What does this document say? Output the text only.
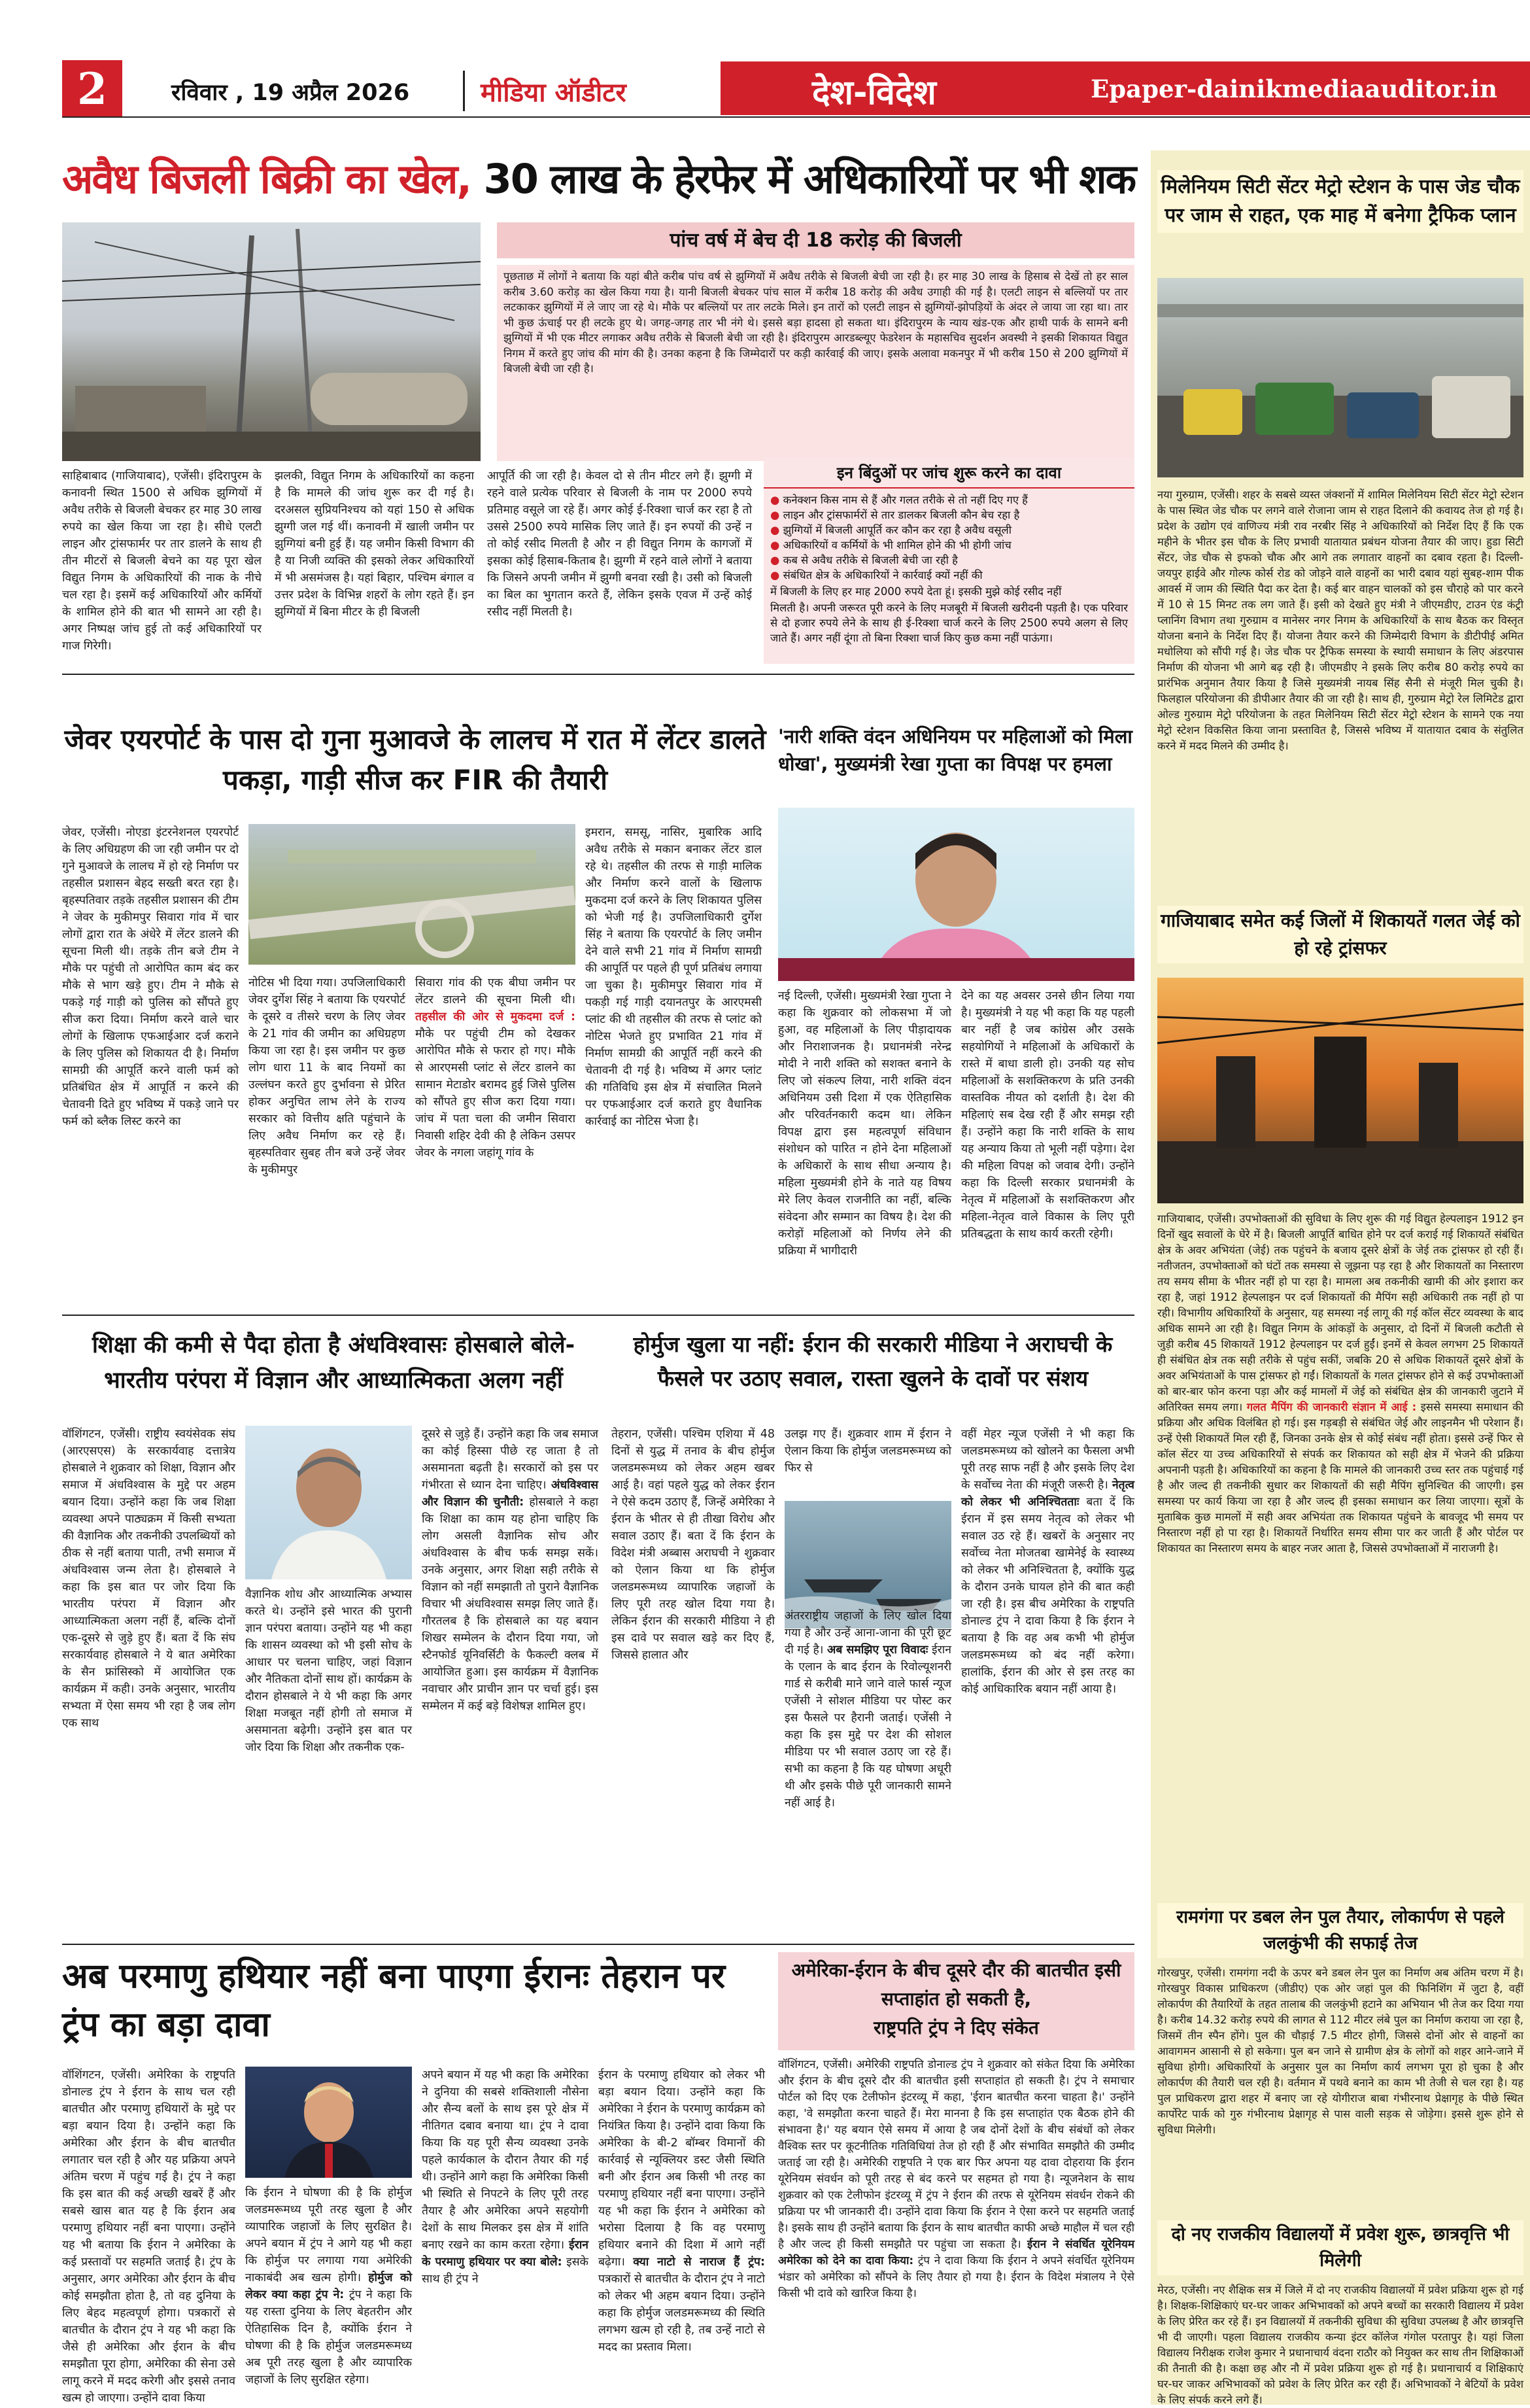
2	रविवार , 19 अप्रैल 2026	मीडिया ऑडीटर	देश-विदेश	Epaper-dainikmediaauditor.in
अवैध बिजली बिक्री का खेल, 30 लाख के हेरफेर में अधिकारियों पर भी शक
पांच वर्ष में बेच दी 18 करोड़ की बिजली
पूछताछ में लोगों ने बताया कि यहां बीते करीब पांच वर्ष से झुग्गियों में अवैध तरीके से बिजली बेची जा रही है। हर माह 30 लाख के हिसाब से देखें तो हर साल करीब 3.60 करोड़ का खेल किया गया है। यानी बिजली बेचकर पांच साल में करीब 18 करोड़ की अवैध उगाही की गई है। एलटी लाइन से बल्लियों पर तार लटकाकर झुग्गियों में ले जाए जा रहे थे। मौके पर बल्लियों पर तार लटके मिले। इन तारों को एलटी लाइन से झुग्गियों-झोपड़ियों के अंदर ले जाया जा रहा था। तार भी कुछ ऊंचाई पर ही लटके हुए थे। जगह-जगह तार भी नंगे थे। इससे बड़ा हादसा हो सकता था। इंदिरापुरम के न्याय खंड-एक और हाथी पार्क के सामने बनी झुग्गियों में भी एक मीटर लगाकर अवैध तरीके से बिजली बेची जा रही है। इंदिरापुरम आरडब्ल्यूए फेडरेशन के महासचिव सुदर्शन अवस्थी ने इसकी शिकायत विद्युत निगम में करते हुए जांच की मांग की है। उनका कहना है कि जिम्मेदारों पर कड़ी कार्रवाई की जाए। इसके अलावा मकनपुर में भी करीब 150 से 200 झुग्गियों में बिजली बेची जा रही है।
साहिबाबाद (गाजियाबाद), एजेंसी। इंदिरापुरम के कनावनी स्थित 1500 से अधिक झुग्गियों में अवैध तरीके से बिजली बेचकर हर माह 30 लाख रुपये का खेल किया जा रहा है। सीधे एलटी लाइन और ट्रांसफार्मर पर तार डालने के साथ ही तीन मीटरों से बिजली बेचने का यह पूरा खेल विद्युत निगम के अधिकारियों की नाक के नीचे चल रहा है। इसमें कई अधिकारियों और कर्मियों के शामिल होने की बात भी सामने आ रही है। अगर निष्पक्ष जांच हुई तो कई अधिकारियों पर गाज गिरेगी।
झलकी, विद्युत निगम के अधिकारियों का कहना है कि मामले की जांच शुरू कर दी गई है। दरअसल सुप्रियनिश्चय को यहां 150 से अधिक झुग्गी जल गई थीं। कनावनी में खाली जमीन पर झुग्गियां बनी हुई हैं। यह जमीन किसी विभाग की है या निजी व्यक्ति की इसको लेकर अधिकारियों में भी असमंजस है। यहां बिहार, पश्चिम बंगाल व उत्तर प्रदेश के विभिन्न शहरों के लोग रहते हैं। इन झुग्गियों में बिना मीटर के ही बिजली
आपूर्ति की जा रही है। केवल दो से तीन मीटर लगे हैं। झुग्गी में रहने वाले प्रत्येक परिवार से बिजली के नाम पर 2000 रुपये प्रतिमाह वसूले जा रहे हैं। अगर कोई ई-रिक्शा चार्ज कर रहा है तो उससे 2500 रुपये मासिक लिए जाते हैं। इन रुपयों की उन्हें न तो कोई रसीद मिलती है और न ही विद्युत निगम के कागजों में इसका कोई हिसाब-किताब है। झुग्गी में रहने वाले लोगों ने बताया कि जिसने अपनी जमीन में झुग्गी बनवा रखी है। उसी को बिजली का बिल का भुगतान करते हैं, लेकिन इसके एवज में उन्हें कोई रसीद नहीं मिलती है।
इन बिंदुओं पर जांच शुरू करने का दावा
● कनेक्शन किस नाम से हैं और गलत तरीके से तो नहीं दिए गए हैं
● लाइन और ट्रांसफार्मरों से तार डालकर बिजली कौन बेच रहा है
● झुग्गियों में बिजली आपूर्ति कर कौन कर रहा है अवैध वसूली
● अधिकारियों व कर्मियों के भी शामिल होने की भी होगी जांच
● कब से अवैध तरीके से बिजली बेची जा रही है
● संबंधित क्षेत्र के अधिकारियों ने कार्रवाई क्यों नहीं की
में बिजली के लिए हर माह 2000 रुपये देता हूं। इसकी मुझे कोई रसीद नहीं
मिलती है। अपनी जरूरत पूरी करने के लिए मजबूरी में बिजली खरीदनी पड़ती है। एक परिवार से दो हजार रुपये लेने के साथ ही ई-रिक्शा चार्ज करने के लिए 2500 रुपये अलग से लिए जाते हैं। अगर नहीं दूंगा तो बिना रिक्शा चार्ज किए कुछ कमा नहीं पाऊंगा।
मिलेनियम सिटी सेंटर मेट्रो स्टेशन के पास जेड चौक पर जाम से राहत, एक माह में बनेगा ट्रैफिक प्लान
नया गुरुग्राम, एजेंसी। शहर के सबसे व्यस्त जंक्शनों में शामिल मिलेनियम सिटी सेंटर मेट्रो स्टेशन के पास स्थित जेड चौक पर लगने वाले रोजाना जाम से राहत दिलाने की कवायद तेज हो गई है। प्रदेश के उद्योग एवं वाणिज्य मंत्री राव नरबीर सिंह ने अधिकारियों को निर्देश दिए हैं कि एक महीने के भीतर इस चौक के लिए प्रभावी यातायात प्रबंधन योजना तैयार की जाए। हुडा सिटी सेंटर, जेड चौक से इफको चौक और आगे तक लगातार वाहनों का दबाव रहता है। दिल्ली-जयपुर हाईवे और गोल्फ कोर्स रोड को जोड़ने वाले वाहनों का भारी दबाव यहां सुबह-शाम पीक आवर्स में जाम की स्थिति पैदा कर देता है। कई बार वाहन चालकों को इस चौराहे को पार करने में 10 से 15 मिनट तक लग जाते हैं। इसी को देखते हुए मंत्री ने जीएमडीए, टाउन एंड कंट्री प्लानिंग विभाग तथा गुरुग्राम व मानेसर नगर निगम के अधिकारियों के साथ बैठक कर विस्तृत योजना बनाने के निर्देश दिए हैं। योजना तैयार करने की जिम्मेदारी विभाग के डीटीपीई अमित मधोलिया को सौंपी गई है। जेड चौक पर ट्रैफिक समस्या के स्थायी समाधान के लिए अंडरपास निर्माण की योजना भी आगे बढ़ रही है। जीएमडीए ने इसके लिए करीब 80 करोड़ रुपये का प्रारंभिक अनुमान तैयार किया है जिसे मुख्यमंत्री नायब सिंह सैनी से मंजूरी मिल चुकी है। फिलहाल परियोजना की डीपीआर तैयार की जा रही है। साथ ही, गुरुग्राम मेट्रो रेल लिमिटेड द्वारा ओल्ड गुरुग्राम मेट्रो परियोजना के तहत मिलेनियम सिटी सेंटर मेट्रो स्टेशन के सामने एक नया मेट्रो स्टेशन विकसित किया जाना प्रस्तावित है, जिससे भविष्य में यातायात दबाव के संतुलित करने में मदद मिलने की उम्मीद है।
गाजियाबाद समेत कई जिलों में शिकायतें गलत जेई को हो रहे ट्रांसफर
गाजियाबाद, एजेंसी। उपभोक्ताओं की सुविधा के लिए शुरू की गई विद्युत हेल्पलाइन 1912 इन दिनों खुद सवालों के घेरे में है। बिजली आपूर्ति बाधित होने पर दर्ज कराई गई शिकायतें संबंधित क्षेत्र के अवर अभियंता (जेई) तक पहुंचने के बजाय दूसरे क्षेत्रों के जेई तक ट्रांसफर हो रही हैं। नतीजतन, उपभोक्ताओं को घंटों तक समस्या से जूझना पड़ रहा है और शिकायतों का निस्तारण तय समय सीमा के भीतर नहीं हो पा रहा है। मामला अब तकनीकी खामी की ओर इशारा कर रहा है, जहां 1912 हेल्पलाइन पर दर्ज शिकायतों की मैपिंग सही अधिकारी तक नहीं हो पा रही। विभागीय अधिकारियों के अनुसार, यह समस्या नई लागू की गई कॉल सेंटर व्यवस्था के बाद अधिक सामने आ रही है। विद्युत निगम के आंकड़ों के अनुसार, दो दिनों में बिजली कटौती से जुड़ी करीब 45 शिकायतें 1912 हेल्पलाइन पर दर्ज हुईं। इनमें से केवल लगभग 25 शिकायतें ही संबंधित क्षेत्र तक सही तरीके से पहुंच सकीं, जबकि 20 से अधिक शिकायतें दूसरे क्षेत्रों के अवर अभियंताओं के पास ट्रांसफर हो गईं। शिकायतों के गलत ट्रांसफर होने से कई उपभोक्ताओं को बार-बार फोन करना पड़ा और कई मामलों में जेई को संबंधित क्षेत्र की जानकारी जुटाने में अतिरिक्त समय लगा। गलत मैपिंग की जानकारी संज्ञान में आई : इससे समस्या समाधान की प्रक्रिया और अधिक विलंबित हो गई। इस गड़बड़ी से संबंधित जेई और लाइनमैन भी परेशान हैं। उन्हें ऐसी शिकायतें मिल रही हैं, जिनका उनके क्षेत्र से कोई संबंध नहीं होता। इससे उन्हें फिर से कॉल सेंटर या उच्च अधिकारियों से संपर्क कर शिकायत को सही क्षेत्र में भेजने की प्रक्रिया अपनानी पड़ती है। अधिकारियों का कहना है कि मामले की जानकारी उच्च स्तर तक पहुंचाई गई है और जल्द ही तकनीकी सुधार कर शिकायतों की सही मैपिंग सुनिश्चित की जाएगी। इस समस्या पर कार्य किया जा रहा है और जल्द ही इसका समाधान कर लिया जाएगा। सूत्रों के मुताबिक कुछ मामलों में सही अवर अभियंता तक शिकायत पहुंचने के बावजूद भी समय पर निस्तारण नहीं हो पा रहा है। शिकायतें निर्धारित समय सीमा पार कर जाती हैं और पोर्टल पर शिकायत का निस्तारण समय के बाहर नजर आता है, जिससे उपभोक्ताओं में नाराजगी है।
रामगंगा पर डबल लेन पुल तैयार, लोकार्पण से पहले जलकुंभी की सफाई तेज
गोरखपुर, एजेंसी। रामगंगा नदी के ऊपर बने डबल लेन पुल का निर्माण अब अंतिम चरण में है। गोरखपुर विकास प्राधिकरण (जीडीए) एक ओर जहां पुल की फिनिशिंग में जुटा है, वहीं लोकार्पण की तैयारियों के तहत तालाब की जलकुंभी हटाने का अभियान भी तेज कर दिया गया है। करीब 14.32 करोड़ रुपये की लागत से 112 मीटर लंबे पुल का निर्माण कराया जा रहा है, जिसमें तीन स्पैन होंगे। पुल की चौड़ाई 7.5 मीटर होगी, जिससे दोनों ओर से वाहनों का आवागमन आसानी से हो सकेगा। पुल बन जाने से ग्रामीण क्षेत्र के लोगों को शहर आने-जाने में सुविधा होगी। अधिकारियों के अनुसार पुल का निर्माण कार्य लगभग पूरा हो चुका है और लोकार्पण की तैयारी चल रही है। वर्तमान में पथवे बनाने का काम भी तेजी से चल रहा है। यह पुल प्राधिकरण द्वारा शहर में बनाए जा रहे योगीराज बाबा गंभीरनाथ प्रेक्षागृह के पीछे स्थित कार्पोरेट पार्क को गुरु गंभीरनाथ प्रेक्षागृह से पास वाली सड़क से जोड़ेगा। इससे शुरू होने से सुविधा मिलेगी।
दो नए राजकीय विद्यालयों में प्रवेश शुरू, छात्रवृत्ति भी मिलेगी
मेरठ, एजेंसी। नए शैक्षिक सत्र में जिले में दो नए राजकीय विद्यालयों में प्रवेश प्रक्रिया शुरू हो गई है। शिक्षक-शिक्षिकाएं घर-घर जाकर अभिभावकों को अपने बच्चों का सरकारी विद्यालय में प्रवेश के लिए प्रेरित कर रहे हैं। इन विद्यालयों में तकनीकी सुविधा की सुविधा उपलब्ध है और छात्रवृत्ति भी दी जाएगी। पहला विद्यालय राजकीय कन्या इंटर कॉलेज गंगोल परतापुर है। यहां जिला विद्यालय निरीक्षक राजेश कुमार ने प्रधानाचार्य वंदना राठौर को नियुक्त कर साथ तीन शिक्षिकाओं की तैनाती की है। कक्षा छह और नौ में प्रवेश प्रक्रिया शुरू हो गई है। प्रधानाचार्य व शिक्षिकाएं घर-घर जाकर अभिभावकों को प्रवेश के लिए प्रेरित कर रही हैं। अभिभावकों ने बेटियों के प्रवेश के लिए संपर्क करने लगे हैं।
जेवर एयरपोर्ट के पास दो गुना मुआवजे के लालच में रात में लेंटर डालते पकड़ा, गाड़ी सीज कर FIR की तैयारी
जेवर, एजेंसी। नोएडा इंटरनेशनल एयरपोर्ट के लिए अधिग्रहण की जा रही जमीन पर दो गुने मुआवजे के लालच में हो रहे निर्माण पर तहसील प्रशासन बेहद सख्ती बरत रहा है। बृहस्पतिवार तड़के तहसील प्रशासन की टीम ने जेवर के मुकीमपुर सिवारा गांव में चार लोगों द्वारा रात के अंधेरे में लेंटर डालने की सूचना मिली थी। तड़के तीन बजे टीम ने मौके पर पहुंची तो आरोपित काम बंद कर मौके से भाग खड़े हुए। टीम ने मौके से पकड़े गई गाड़ी को पुलिस को सौंपते हुए सीज करा दिया। निर्माण करने वाले चार लोगों के खिलाफ एफआईआर दर्ज कराने के लिए पुलिस को शिकायत दी है। निर्माण सामग्री की आपूर्ति करने वाली फर्म को प्रतिबंधित क्षेत्र में आपूर्ति न करने की चेतावनी दिते हुए भविष्य में पकड़े जाने पर फर्म को ब्लैक लिस्ट करने का
नोटिस भी दिया गया। उपजिलाधिकारी जेवर दुर्गेश सिंह ने बताया कि एयरपोर्ट के दूसरे व तीसरे चरण के लिए जेवर के 21 गांव की जमीन का अधिग्रहण किया जा रहा है। इस जमीन पर कुछ लोग धारा 11 के बाद नियमों का उल्लंघन करते हुए दुर्भावना से प्रेरित होकर अनुचित लाभ लेने के राज्य सरकार को वित्तीय क्षति पहुंचाने के लिए अवैध निर्माण कर रहे हैं। बृहस्पतिवार सुबह तीन बजे उन्हें जेवर के मुकीमपुर
सिवारा गांव की एक बीघा जमीन पर लेंटर डालने की सूचना मिली थी। तहसील की ओर से मुकदमा दर्ज : मौके पर पहुंची टीम को देखकर आरोपित मौके से फरार हो गए। मौके से आरएमसी प्लांट से लेंटर डालने का सामान मेटाडोर बरामद हुई जिसे पुलिस को सौंपते हुए सीज करा दिया गया। जांच में पता चला की जमीन सिवारा निवासी शहिर देवी की है लेकिन उसपर जेवर के नगला जहांगू गांव के
इमरान, समसू, नासिर, मुबारिक आदि अवैध तरीके से मकान बनाकर लेंटर डाल रहे थे। तहसील की तरफ से गाड़ी मालिक और निर्माण करने वालों के खिलाफ मुकदमा दर्ज करने के लिए शिकायत पुलिस को भेजी गई है। उपजिलाधिकारी दुर्गेश सिंह ने बताया कि एयरपोर्ट के लिए जमीन देने वाले सभी 21 गांव में निर्माण सामग्री की आपूर्ति पर पहले ही पूर्ण प्रतिबंध लगाया जा चुका है। मुकीमपुर सिवारा गांव में पकड़ी गई गाड़ी दयानतपुर के आरएमसी प्लांट की थी तहसील की तरफ से प्लांट को नोटिस भेजते हुए प्रभावित 21 गांव में निर्माण सामग्री की आपूर्ति नहीं करने की चेतावनी दी गई है। भविष्य में अगर प्लांट की गतिविधि इस क्षेत्र में संचालित मिलने पर एफआईआर दर्ज कराते हुए वैधानिक कार्रवाई का नोटिस भेजा है।
'नारी शक्ति वंदन अधिनियम पर महिलाओं को मिला धोखा', मुख्यमंत्री रेखा गुप्ता का विपक्ष पर हमला
नई दिल्ली, एजेंसी। मुख्यमंत्री रेखा गुप्ता ने कहा कि शुक्रवार को लोकसभा में जो हुआ, वह महिलाओं के लिए पीड़ादायक और निराशाजनक है। प्रधानमंत्री नरेन्द्र मोदी ने नारी शक्ति को सशक्त बनाने के लिए जो संकल्प लिया, नारी शक्ति वंदन अधिनियम उसी दिशा में एक ऐतिहासिक और परिवर्तनकारी कदम था। लेकिन विपक्ष द्वारा इस महत्वपूर्ण संविधान संशोधन को पारित न होने देना महिलाओं के अधिकारों के साथ सीधा अन्याय है। महिला मुख्यमंत्री होने के नाते यह विषय मेरे लिए केवल राजनीति का नहीं, बल्कि संवेदना और सम्मान का विषय है। देश की करोड़ों महिलाओं को निर्णय लेने की प्रक्रिया में भागीदारी
देने का यह अवसर उनसे छीन लिया गया है। मुख्यमंत्री ने यह भी कहा कि यह पहली बार नहीं है जब कांग्रेस और उसके सहयोगियों ने महिलाओं के अधिकारों के रास्ते में बाधा डाली हो। उनकी यह सोच महिलाओं के सशक्तिकरण के प्रति उनकी वास्तविक नीयत को दर्शाती है। देश की महिलाएं सब देख रही हैं और समझ रही हैं। उन्होंने कहा कि नारी शक्ति के साथ यह अन्याय किया तो भूली नहीं पड़ेगा। देश की महिला विपक्ष को जवाब देगी। उन्होंने कहा कि दिल्ली सरकार प्रधानमंत्री के नेतृत्व में महिलाओं के सशक्तिकरण और महिला-नेतृत्व वाले विकास के लिए पूरी प्रतिबद्धता के साथ कार्य करती रहेगी।
शिक्षा की कमी से पैदा होता है अंधविश्वासः होसबाले बोले-भारतीय परंपरा में विज्ञान और आध्यात्मिकता अलग नहीं
वॉशिंगटन, एजेंसी। राष्ट्रीय स्वयंसेवक संघ (आरएसएस) के सरकार्यवाह दत्तात्रेय होसबाले ने शुक्रवार को शिक्षा, विज्ञान और समाज में अंधविश्वास के मुद्दे पर अहम बयान दिया। उन्होंने कहा कि जब शिक्षा व्यवस्था अपने पाठ्यक्रम में किसी सभ्यता की वैज्ञानिक और तकनीकी उपलब्धियों को ठीक से नहीं बताया पाती, तभी समाज में अंधविश्वास जन्म लेता है। होसबाले ने कहा कि इस बात पर जोर दिया कि भारतीय परंपरा में विज्ञान और आध्यात्मिकता अलग नहीं हैं, बल्कि दोनों एक-दूसरे से जुड़े हुए हैं। बता दें कि संघ सरकार्यवाह होसबाले ने ये बात अमेरिका के सैन फ्रांसिस्को में आयोजित एक कार्यक्रम में कही। उनके अनुसार, भारतीय सभ्यता में ऐसा समय भी रहा है जब लोग एक साथ
वैज्ञानिक शोध और आध्यात्मिक अभ्यास करते थे। उन्होंने इसे भारत की पुरानी ज्ञान परंपरा बताया। उन्होंने यह भी कहा कि शासन व्यवस्था को भी इसी सोच के आधार पर चलना चाहिए, जहां विज्ञान और नैतिकता दोनों साथ हों। कार्यक्रम के दौरान होसबाले ने ये भी कहा कि अगर शिक्षा मजबूत नहीं होगी तो समाज में असमानता बढ़ेगी। उन्होंने इस बात पर जोर दिया कि शिक्षा और तकनीक एक-
दूसरे से जुड़े हैं। उन्होंने कहा कि जब समाज का कोई हिस्सा पीछे रह जाता है तो असमानता बढ़ती है। सरकारों को इस पर गंभीरता से ध्यान देना चाहिए। अंधविश्वास और विज्ञान की चुनौती: होसबाले ने कहा कि शिक्षा का काम यह होना चाहिए कि लोग असली वैज्ञानिक सोच और अंधविश्वास के बीच फर्क समझ सकें। उनके अनुसार, अगर शिक्षा सही तरीके से विज्ञान को नहीं समझाती तो पुराने वैज्ञानिक विचार भी अंधविश्वास समझ लिए जाते हैं। गौरतलब है कि होसबाले का यह बयान शिखर सम्मेलन के दौरान दिया गया, जो स्टैनफोर्ड यूनिवर्सिटी के फैकल्टी क्लब में आयोजित हुआ। इस कार्यक्रम में वैज्ञानिक नवाचार और प्राचीन ज्ञान पर चर्चा हुई। इस सम्मेलन में कई बड़े विशेषज्ञ शामिल हुए।
होर्मुज खुला या नहीं: ईरान की सरकारी मीडिया ने अराघची के फैसले पर उठाए सवाल, रास्ता खुलने के दावों पर संशय
तेहरान, एजेंसी। पश्चिम एशिया में 48 दिनों से युद्ध में तनाव के बीच होर्मुज जलडमरूमध्य को लेकर अहम खबर आई है। वहां पहले युद्ध को लेकर ईरान ने ऐसे कदम उठाए हैं, जिन्हें अमेरिका ने ईरान के भीतर से ही तीखा विरोध और सवाल उठाए हैं। बता दें कि ईरान के विदेश मंत्री अब्बास अराघची ने शुक्रवार को ऐलान किया था कि होर्मुज जलडमरूमध्य व्यापारिक जहाजों के लिए पूरी तरह खोल दिया गया है। लेकिन ईरान की सरकारी मीडिया ने ही इस दावे पर सवाल खड़े कर दिए हैं, जिससे हालात और
उलझ गए हैं। शुक्रवार शाम में ईरान ने ऐलान किया कि होर्मुज जलडमरूमध्य को फिर से
अंतरराष्ट्रीय जहाजों के लिए खोल दिया गया है और उन्हें आना-जाना की पूरी छूट दी गई है। अब समझिए पूरा विवादः ईरान के एलान के बाद ईरान के रिवोल्यूशनरी गार्ड से करीबी माने जाने वाले फार्स न्यूज एजेंसी ने सोशल मीडिया पर पोस्ट कर इस फैसले पर हैरानी जताई। एजेंसी ने कहा कि इस मुद्दे पर देश की सोशल मीडिया पर भी सवाल उठाए जा रहे हैं। सभी का कहना है कि यह घोषणा अधूरी थी और इसके पीछे पूरी जानकारी सामने नहीं आई है।
वहीं मेहर न्यूज एजेंसी ने भी कहा कि जलडमरूमध्य को खोलने का फैसला अभी पूरी तरह साफ नहीं है और इसके लिए देश के सर्वोच्च नेता की मंजूरी जरूरी है। नेतृत्व को लेकर भी अनिश्चितताः बता दें कि ईरान में इस समय नेतृत्व को लेकर भी सवाल उठ रहे हैं। खबरों के अनुसार नए सर्वोच्च नेता मोजतबा खामेनेई के स्वास्थ्य को लेकर भी अनिश्चितता है, क्योंकि युद्ध के दौरान उनके घायल होने की बात कही जा रही है। इस बीच अमेरिका के राष्ट्रपति डोनाल्ड ट्रंप ने दावा किया है कि ईरान ने बताया है कि वह अब कभी भी होर्मुज जलडमरूमध्य को बंद नहीं करेगा। हालांकि, ईरान की ओर से इस तरह का कोई आधिकारिक बयान नहीं आया है।
अब परमाणु हथियार नहीं बना पाएगा ईरानः तेहरान पर ट्रंप का बड़ा दावा
वॉशिंगटन, एजेंसी। अमेरिका के राष्ट्रपति डोनाल्ड ट्रंप ने ईरान के साथ चल रही बातचीत और परमाणु हथियारों के मुद्दे पर बड़ा बयान दिया है। उन्होंने कहा कि अमेरिका और ईरान के बीच बातचीत लगातार चल रही है और यह प्रक्रिया अपने अंतिम चरण में पहुंच गई है। ट्रंप ने कहा कि इस बात की कई अच्छी खबरें हैं और सबसे खास बात यह है कि ईरान अब परमाणु हथियार नहीं बना पाएगा। उन्होंने यह भी बताया कि ईरान ने अमेरिका के कई प्रस्तावों पर सहमति जताई है। ट्रंप के अनुसार, अगर अमेरिका और ईरान के बीच कोई समझौता होता है, तो वह दुनिया के लिए बेहद महत्वपूर्ण होगा। पत्रकारों से बातचीत के दौरान ट्रंप ने यह भी कहा कि जैसे ही अमेरिका और ईरान के बीच समझौता पूरा होगा, अमेरिका की सेना उसे लागू करने में मदद करेगी और इससे तनाव खत्म हो जाएगा। उन्होंने दावा किया
कि ईरान ने घोषणा की है कि होर्मुज जलडमरूमध्य पूरी तरह खुला है और व्यापारिक जहाजों के लिए सुरक्षित है। अपने बयान में ट्रंप ने आगे यह भी कहा कि होर्मुज पर लगाया गया अमेरिकी नाकाबंदी अब खत्म होगी। होर्मुज को लेकर क्या कहा ट्रंप ने: ट्रंप ने कहा कि यह रास्ता दुनिया के लिए बेहतरीन और ऐतिहासिक दिन है, क्योंकि ईरान ने घोषणा की है कि होर्मुज जलडमरूमध्य अब पूरी तरह खुला है और व्यापारिक जहाजों के लिए सुरक्षित रहेगा।
अपने बयान में यह भी कहा कि अमेरिका ने दुनिया की सबसे शक्तिशाली नौसेना और सैन्य बलों के साथ इस पूरे क्षेत्र में नीतिगत दबाव बनाया था। ट्रंप ने दावा किया कि यह पूरी सैन्य व्यवस्था उनके पहले कार्यकाल के दौरान तैयार की गई थी। उन्होंने आगे कहा कि अमेरिका किसी भी स्थिति से निपटने के लिए पूरी तरह तैयार है और अमेरिका अपने सहयोगी देशों के साथ मिलकर इस क्षेत्र में शांति बनाए रखने का काम करता रहेगा। ईरान के परमाणु हथियार पर क्या बोले: इसके साथ ही ट्रंप ने
ईरान के परमाणु हथियार को लेकर भी बड़ा बयान दिया। उन्होंने कहा कि अमेरिका ने ईरान के परमाणु कार्यक्रम को नियंत्रित किया है। उन्होंने दावा किया कि अमेरिका के बी-2 बॉम्बर विमानों की कार्रवाई से न्यूक्लियर डस्ट जैसी स्थिति बनी और ईरान अब किसी भी तरह का परमाणु हथियार नहीं बना पाएगा। उन्होंने यह भी कहा कि ईरान ने अमेरिका को भरोसा दिलाया है कि वह परमाणु हथियार बनाने की दिशा में आगे नहीं बढ़ेगा। क्या नाटो से नाराज हैं ट्रंप: पत्रकारों से बातचीत के दौरान ट्रंप ने नाटो को लेकर भी अहम बयान दिया। उन्होंने कहा कि होर्मुज जलडमरूमध्य की स्थिति लगभग खत्म हो रही है, तब उन्हें नाटो से मदद का प्रस्ताव मिला।
अमेरिका-ईरान के बीच दूसरे दौर की बातचीत इसी सप्ताहांत हो सकती है,
राष्ट्रपति ट्रंप ने दिए संकेत
वॉशिंगटन, एजेंसी। अमेरिकी राष्ट्रपति डोनाल्ड ट्रंप ने शुक्रवार को संकेत दिया कि अमेरिका और ईरान के बीच दूसरे दौर की बातचीत इसी सप्ताहांत हो सकती है। ट्रंप ने समाचार पोर्टल को दिए एक टेलीफोन इंटरव्यू में कहा, 'ईरान बातचीत करना चाहता है।' उन्होंने कहा, 'वे समझौता करना चाहते हैं। मेरा मानना है कि इस सप्ताहांत एक बैठक होने की संभावना है।' यह बयान ऐसे समय में आया है जब दोनों देशों के बीच संबंधों को लेकर वैश्विक स्तर पर कूटनीतिक गतिविधियां तेज हो रही हैं और संभावित समझौते की उम्मीद जताई जा रही है। अमेरिकी राष्ट्रपति ने एक बार फिर अपना यह दावा दोहराया कि ईरान यूरेनियम संवर्धन को पूरी तरह से बंद करने पर सहमत हो गया है। न्यूजनेशन के साथ शुक्रवार को एक टेलीफोन इंटरव्यू में ट्रंप ने ईरान की तरफ से यूरेनियम संवर्धन रोकने की प्रक्रिया पर भी जानकारी दी। उन्होंने दावा किया कि ईरान ने ऐसा करने पर सहमति जताई है। इसके साथ ही उन्होंने बताया कि ईरान के साथ बातचीत काफी अच्छे माहौल में चल रही है और जल्द ही किसी समझौते पर पहुंचा जा सकता है। ईरान ने संवर्धित यूरेनियम अमेरिका को देने का दावा किया: ट्रंप ने दावा किया कि ईरान ने अपने संवर्धित यूरेनियम भंडार को अमेरिका को सौंपने के लिए तैयार हो गया है। ईरान के विदेश मंत्रालय ने ऐसे किसी भी दावे को खारिज किया है।
